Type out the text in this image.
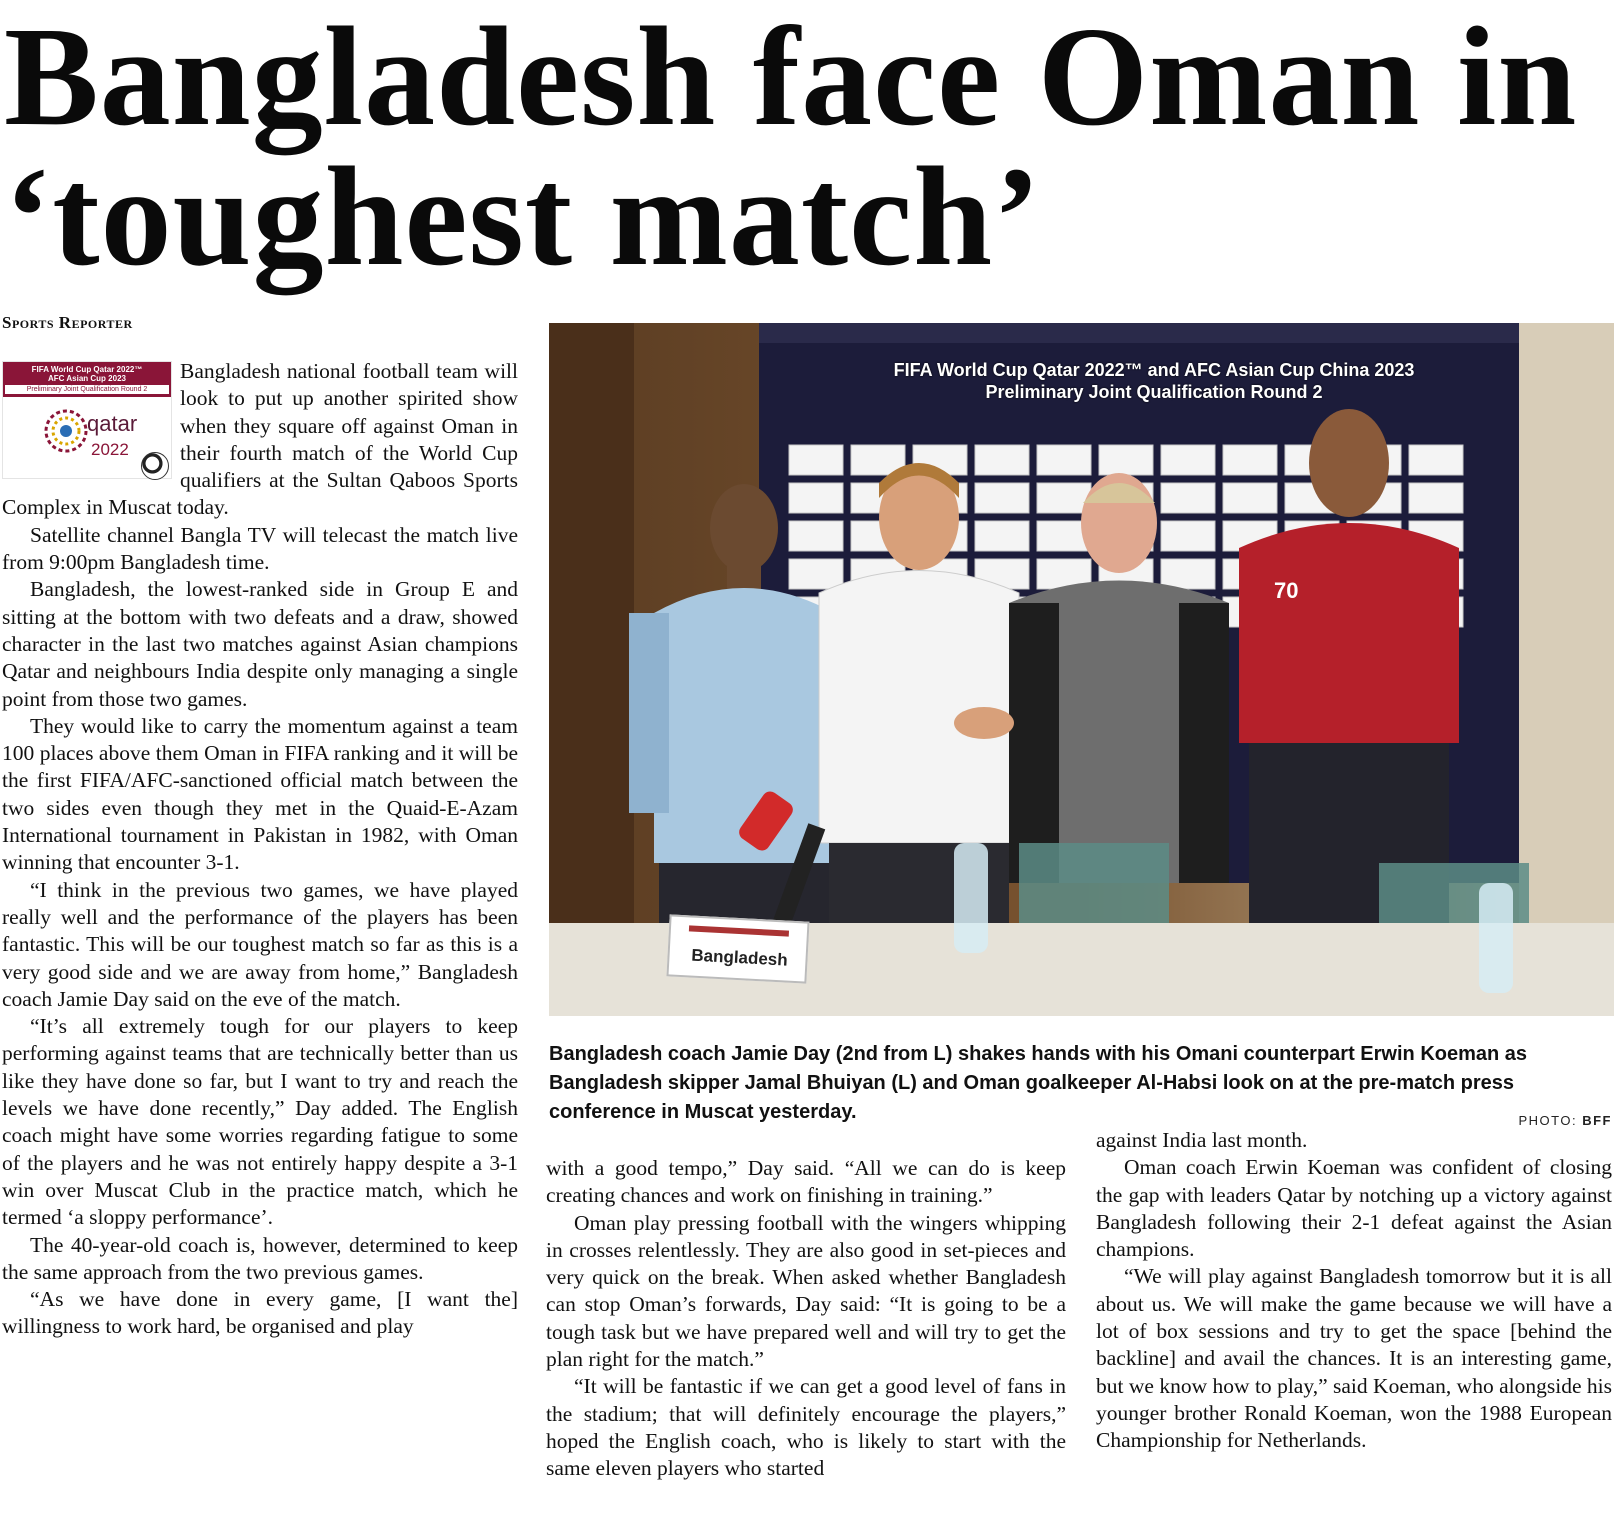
Bangladesh face Oman in ‘toughest match’
Sports Reporter
FIFA World Cup Qatar 2022™
AFC Asian Cup 2023
Preliminary Joint Qualification Round 2
qatar
2022

Bangladesh national football team will look to put up another spirited show when they square off against Oman in their fourth match of the World Cup qualifiers at the Sultan Qaboos Sports Complex in Muscat today.

Satellite channel Bangla TV will telecast the match live from 9:00pm Bangladesh time.

Bangladesh, the lowest-ranked side in Group E and sitting at the bottom with two defeats and a draw, showed character in the last two matches against Asian champions Qatar and neighbours India despite only managing a single point from those two games.

They would like to carry the momentum against a team 100 places above them Oman in FIFA ranking and it will be the first FIFA/AFC-sanctioned official match between the two sides even though they met in the Quaid-E-Azam International tournament in Pakistan in 1982, with Oman winning that encounter 3-1.

“I think in the previous two games, we have played really well and the performance of the players has been fantastic. This will be our toughest match so far as this is a very good side and we are away from home,” Bangladesh coach Jamie Day said on the eve of the match.

“It’s all extremely tough for our players to keep performing against teams that are technically better than us like they have done so far, but I want to try and reach the levels we have done recently,” Day added. The English coach might have some worries regarding fatigue to some of the players and he was not entirely happy despite a 3-1 win over Muscat Club in the practice match, which he termed ‘a sloppy performance’.

The 40-year-old coach is, however, determined to keep the same approach from the two previous games.

“As we have done in every game, [I want the] willingness to work hard, be organised and play

70
FIFA World Cup Qatar 2022™ and AFC Asian Cup China 2023
Preliminary Joint Qualification Round 2
Bangladesh
Bangladesh coach Jamie Day (2nd from L) shakes hands with his Omani counterpart Erwin Koeman as Bangladesh skipper Jamal Bhuiyan (L) and Oman goalkeeper Al-Habsi look on at the pre-match press conference in Muscat yesterday.	PHOTO: BFF

with a good tempo,” Day said. “All we can do is keep creating chances and work on finishing in training.”

Oman play pressing football with the wingers whipping in crosses relentlessly. They are also good in set-pieces and very quick on the break. When asked whether Bangladesh can stop Oman’s forwards, Day said: “It is going to be a tough task but we have prepared well and will try to get the plan right for the match.”

“It will be fantastic if we can get a good level of fans in the stadium; that will definitely encourage the players,” hoped the English coach, who is likely to start with the same eleven players who started

against India last month.

Oman coach Erwin Koeman was confident of closing the gap with leaders Qatar by notching up a victory against Bangladesh following their 2-1 defeat against the Asian champions.

“We will play against Bangladesh tomorrow but it is all about us. We will make the game because we will have a lot of box sessions and try to get the space [behind the backline] and avail the chances. It is an interesting game, but we know how to play,” said Koeman, who alongside his younger brother Ronald Koeman, won the 1988 European Championship for Netherlands.
